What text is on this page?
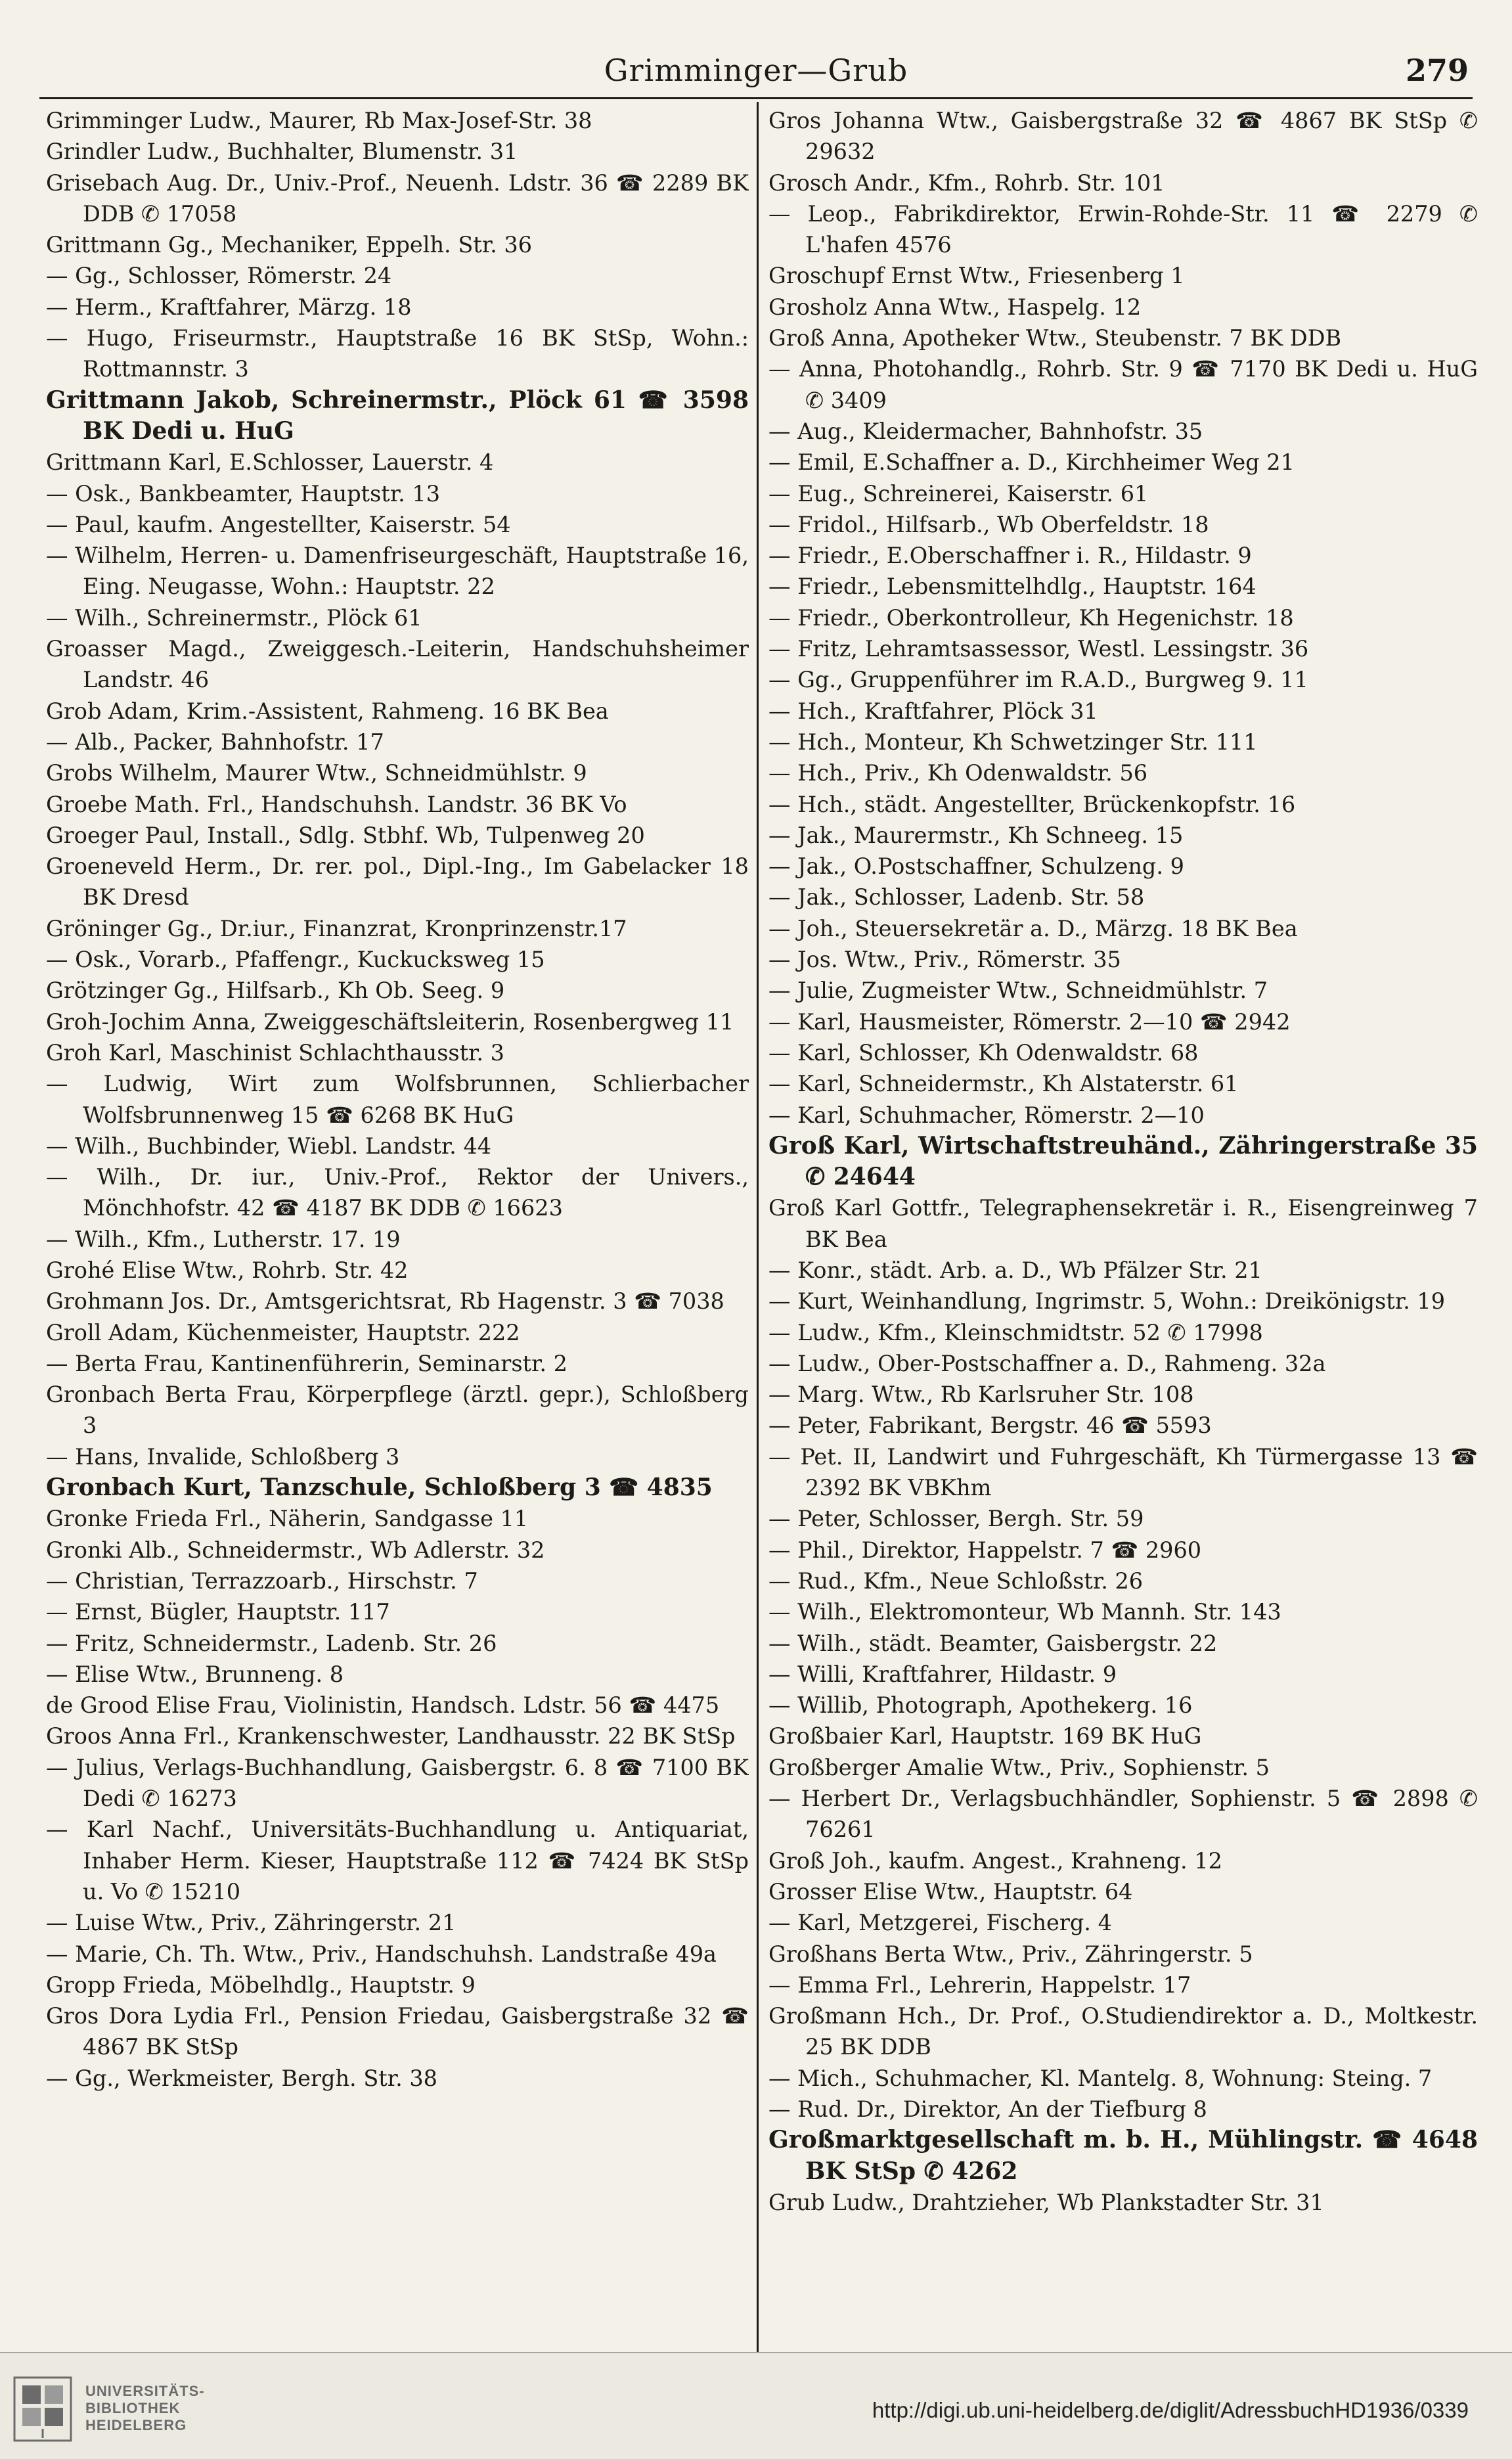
Grimminger—Grub	279

Grimminger Ludw., Maurer, Rb Max-Josef-Str. 38

Grindler Ludw., Buchhalter, Blumenstr. 31

Grisebach Aug. Dr., Univ.-Prof., Neuenh. Ldstr. 36 ☎ 2289 BK DDB ✆ 17058

Grittmann Gg., Mechaniker, Eppelh. Str. 36

— Gg., Schlosser, Römerstr. 24

— Herm., Kraftfahrer, Märzg. 18

— Hugo, Friseurmstr., Hauptstraße 16 BK StSp, Wohn.: Rottmannstr. 3

Grittmann Jakob, Schreinermstr., Plöck 61 ☎ 3598 BK Dedi u. HuG

Grittmann Karl, E.Schlosser, Lauerstr. 4

— Osk., Bankbeamter, Hauptstr. 13

— Paul, kaufm. Angestellter, Kaiserstr. 54

— Wilhelm, Herren- u. Damenfriseurgeschäft, Hauptstraße 16, Eing. Neugasse, Wohn.: Hauptstr. 22

— Wilh., Schreinermstr., Plöck 61

Groasser Magd., Zweiggesch.-Leiterin, Handschuhsheimer Landstr. 46

Grob Adam, Krim.-Assistent, Rahmeng. 16 BK Bea

— Alb., Packer, Bahnhofstr. 17

Grobs Wilhelm, Maurer Wtw., Schneidmühlstr. 9

Groebe Math. Frl., Handschuhsh. Landstr. 36 BK Vo

Groeger Paul, Install., Sdlg. Stbhf. Wb, Tulpenweg 20

Groeneveld Herm., Dr. rer. pol., Dipl.-Ing., Im Gabelacker 18 BK Dresd

Gröninger Gg., Dr.iur., Finanzrat, Kronprinzenstr.17

— Osk., Vorarb., Pfaffengr., Kuckucksweg 15

Grötzinger Gg., Hilfsarb., Kh Ob. Seeg. 9

Groh-Jochim Anna, Zweiggeschäftsleiterin, Rosenbergweg 11

Groh Karl, Maschinist Schlachthausstr. 3

— Ludwig, Wirt zum Wolfsbrunnen, Schlierbacher Wolfsbrunnenweg 15 ☎ 6268 BK HuG

— Wilh., Buchbinder, Wiebl. Landstr. 44

— Wilh., Dr. iur., Univ.-Prof., Rektor der Univers., Mönchhofstr. 42 ☎ 4187 BK DDB ✆ 16623

— Wilh., Kfm., Lutherstr. 17. 19

Grohé Elise Wtw., Rohrb. Str. 42

Grohmann Jos. Dr., Amtsgerichtsrat, Rb Hagenstr. 3 ☎ 7038

Groll Adam, Küchenmeister, Hauptstr. 222

— Berta Frau, Kantinenführerin, Seminarstr. 2

Gronbach Berta Frau, Körperpflege (ärztl. gepr.), Schloßberg 3

— Hans, Invalide, Schloßberg 3

Gronbach Kurt, Tanzschule, Schloßberg 3 ☎ 4835

Gronke Frieda Frl., Näherin, Sandgasse 11

Gronki Alb., Schneidermstr., Wb Adlerstr. 32

— Christian, Terrazzoarb., Hirschstr. 7

— Ernst, Bügler, Hauptstr. 117

— Fritz, Schneidermstr., Ladenb. Str. 26

— Elise Wtw., Brunneng. 8

de Grood Elise Frau, Violinistin, Handsch. Ldstr. 56 ☎ 4475

Groos Anna Frl., Krankenschwester, Landhausstr. 22 BK StSp

— Julius, Verlags-Buchhandlung, Gaisbergstr. 6. 8 ☎ 7100 BK Dedi ✆ 16273

— Karl Nachf., Universitäts-Buchhandlung u. Antiquariat, Inhaber Herm. Kieser, Hauptstraße 112 ☎ 7424 BK StSp u. Vo ✆ 15210

— Luise Wtw., Priv., Zähringerstr. 21

— Marie, Ch. Th. Wtw., Priv., Handschuhsh. Landstraße 49a

Gropp Frieda, Möbelhdlg., Hauptstr. 9

Gros Dora Lydia Frl., Pension Friedau, Gaisbergstraße 32 ☎ 4867 BK StSp

— Gg., Werkmeister, Bergh. Str. 38

Gros Johanna Wtw., Gaisbergstraße 32 ☎ 4867 BK StSp ✆ 29632

Grosch Andr., Kfm., Rohrb. Str. 101

— Leop., Fabrikdirektor, Erwin-Rohde-Str. 11 ☎ 2279 ✆ L'hafen 4576

Groschupf Ernst Wtw., Friesenberg 1

Grosholz Anna Wtw., Haspelg. 12

Groß Anna, Apotheker Wtw., Steubenstr. 7 BK DDB

— Anna, Photohandlg., Rohrb. Str. 9 ☎ 7170 BK Dedi u. HuG ✆ 3409

— Aug., Kleidermacher, Bahnhofstr. 35

— Emil, E.Schaffner a. D., Kirchheimer Weg 21

— Eug., Schreinerei, Kaiserstr. 61

— Fridol., Hilfsarb., Wb Oberfeldstr. 18

— Friedr., E.Oberschaffner i. R., Hildastr. 9

— Friedr., Lebensmittelhdlg., Hauptstr. 164

— Friedr., Oberkontrolleur, Kh Hegenichstr. 18

— Fritz, Lehramtsassessor, Westl. Lessingstr. 36

— Gg., Gruppenführer im R.A.D., Burgweg 9. 11

— Hch., Kraftfahrer, Plöck 31

— Hch., Monteur, Kh Schwetzinger Str. 111

— Hch., Priv., Kh Odenwaldstr. 56

— Hch., städt. Angestellter, Brückenkopfstr. 16

— Jak., Maurermstr., Kh Schneeg. 15

— Jak., O.Postschaffner, Schulzeng. 9

— Jak., Schlosser, Ladenb. Str. 58

— Joh., Steuersekretär a. D., Märzg. 18 BK Bea

— Jos. Wtw., Priv., Römerstr. 35

— Julie, Zugmeister Wtw., Schneidmühlstr. 7

— Karl, Hausmeister, Römerstr. 2—10 ☎ 2942

— Karl, Schlosser, Kh Odenwaldstr. 68

— Karl, Schneidermstr., Kh Alstaterstr. 61

— Karl, Schuhmacher, Römerstr. 2—10

Groß Karl, Wirtschaftstreuhänd., Zähringerstraße 35 ✆ 24644

Groß Karl Gottfr., Telegraphensekretär i. R., Eisengreinweg 7 BK Bea

— Konr., städt. Arb. a. D., Wb Pfälzer Str. 21

— Kurt, Weinhandlung, Ingrimstr. 5, Wohn.: Dreikönigstr. 19

— Ludw., Kfm., Kleinschmidtstr. 52 ✆ 17998

— Ludw., Ober-Postschaffner a. D., Rahmeng. 32a

— Marg. Wtw., Rb Karlsruher Str. 108

— Peter, Fabrikant, Bergstr. 46 ☎ 5593

— Pet. II, Landwirt und Fuhrgeschäft, Kh Türmergasse 13 ☎ 2392 BK VBKhm

— Peter, Schlosser, Bergh. Str. 59

— Phil., Direktor, Happelstr. 7 ☎ 2960

— Rud., Kfm., Neue Schloßstr. 26

— Wilh., Elektromonteur, Wb Mannh. Str. 143

— Wilh., städt. Beamter, Gaisbergstr. 22

— Willi, Kraftfahrer, Hildastr. 9

— Willib, Photograph, Apothekerg. 16

Großbaier Karl, Hauptstr. 169 BK HuG

Großberger Amalie Wtw., Priv., Sophienstr. 5

— Herbert Dr., Verlagsbuchhändler, Sophienstr. 5 ☎ 2898 ✆ 76261

Groß Joh., kaufm. Angest., Krahneng. 12

Grosser Elise Wtw., Hauptstr. 64

— Karl, Metzgerei, Fischerg. 4

Großhans Berta Wtw., Priv., Zähringerstr. 5

— Emma Frl., Lehrerin, Happelstr. 17

Großmann Hch., Dr. Prof., O.Studiendirektor a. D., Moltkestr. 25 BK DDB

— Mich., Schuhmacher, Kl. Mantelg. 8, Wohnung: Steing. 7

— Rud. Dr., Direktor, An der Tiefburg 8

Großmarktgesellschaft m. b. H., Mühlingstr. ☎ 4648 BK StSp ✆ 4262

Grub Ludw., Drahtzieher, Wb Plankstadter Str. 31

UNIVERSITÄTS-
BIBLIOTHEK
HEIDELBERG
http://digi.ub.uni-heidelberg.de/diglit/AdressbuchHD1936/0339
